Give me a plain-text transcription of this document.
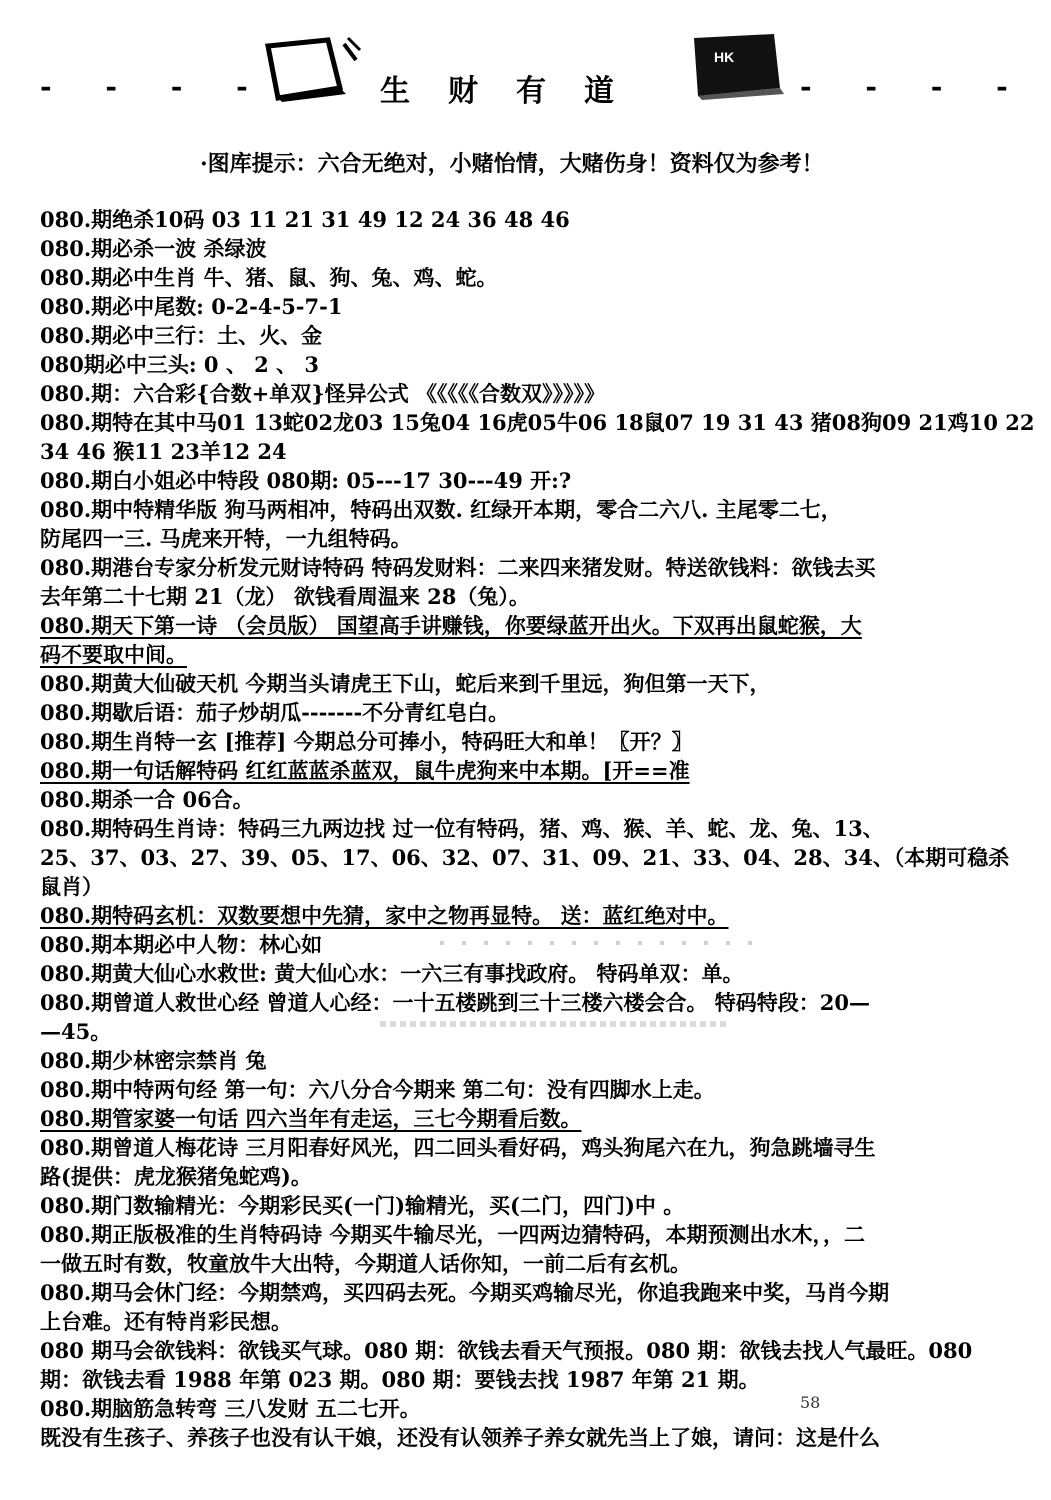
- - - -	生财有道
HK
- - - -
·图库提示：六合无绝对，小赌怡情，大赌伤身！资料仅为参考！
080.期绝杀10码 03 11 21 31 49 12 24 36 48 46
080.期必杀一波 杀绿波
080.期必中生肖 牛、猪、鼠、狗、兔、鸡、蛇。
080.期必中尾数: 0-2-4-5-7-1
080.期必中三行：土、火、金
080期必中三头: 0 、 2 、 3
080.期：六合彩{合数+单双}怪异公式 《《《《《合数双》》》》》
080.期特在其中马01 13蛇02龙03 15兔04 16虎05牛06 18鼠07 19 31 43 猪08狗09 21鸡10 22
34 46 猴11 23羊12 24
080.期白小姐必中特段 080期: 05---17 30---49 开:?
080.期中特精华版 狗马两相冲，特码出双数. 红绿开本期，零合二六八. 主尾零二七，
防尾四一三. 马虎来开特，一九组特码。
080.期港台专家分析发元财诗特码 特码发财料：二来四来猪发财。特送欲钱料：欲钱去买
去年第二十七期 21（龙） 欲钱看周温来 28（兔）。
080.期天下第一诗 （会员版） 国望高手讲赚钱，你要绿蓝开出火。下双再出鼠蛇猴，大
码不要取中间。
080.期黄大仙破天机 今期当头请虎王下山，蛇后来到千里远，狗但第一天下，
080.期歇后语：茄子炒胡瓜-------不分青红皂白。
080.期生肖特一玄 [推荐] 今期总分可捧小，特码旺大和单！〖开？〗
080.期一句话解特码 红红蓝蓝杀蓝双，鼠牛虎狗来中本期。[开==准
080.期杀一合 06合。
080.期特码生肖诗：特码三九两边找 过一位有特码，猪、鸡、猴、羊、蛇、龙、兔、13、
25、37、03、27、39、05、17、06、32、07、31、09、21、33、04、28、34、（本期可稳杀
鼠肖）
080.期特码玄机：双数要想中先猜，家中之物再显特。 送：蓝红绝对中。
080.期本期必中人物：林心如
080.期黄大仙心水救世: 黄大仙心水：一六三有事找政府。 特码单双：单。
080.期曾道人救世心经 曾道人心经：一十五楼跳到三十三楼六楼会合。 特码特段：20—
—45。
080.期少林密宗禁肖 兔
080.期中特两句经 第一句：六八分合今期来 第二句：没有四脚水上走。
080.期管家婆一句话 四六当年有走运，三七今期看后数。
080.期曾道人梅花诗 三月阳春好风光，四二回头看好码，鸡头狗尾六在九，狗急跳墙寻生
路(提供：虎龙猴猪兔蛇鸡)。
080.期门数输精光：今期彩民买(一门)输精光，买(二门，四门)中 。
080.期正版极准的生肖特码诗 今期买牛输尽光，一四两边猜特码，本期预测出水木，，二
一做五时有数，牧童放牛大出特，今期道人话你知，一前二后有玄机。
080.期马会休门经：今期禁鸡，买四码去死。今期买鸡输尽光，你追我跑来中奖，马肖今期
上台难。还有特肖彩民想。
080 期马会欲钱料：欲钱买气球。080 期：欲钱去看天气预报。080 期：欲钱去找人气最旺。080
期：欲钱去看 1988 年第 023 期。080 期：要钱去找 1987 年第 21 期。
080.期脑筋急转弯 三八发财 五二七开。
既没有生孩子、养孩子也没有认干娘，还没有认领养子养女就先当上了娘，请问：这是什么
58
